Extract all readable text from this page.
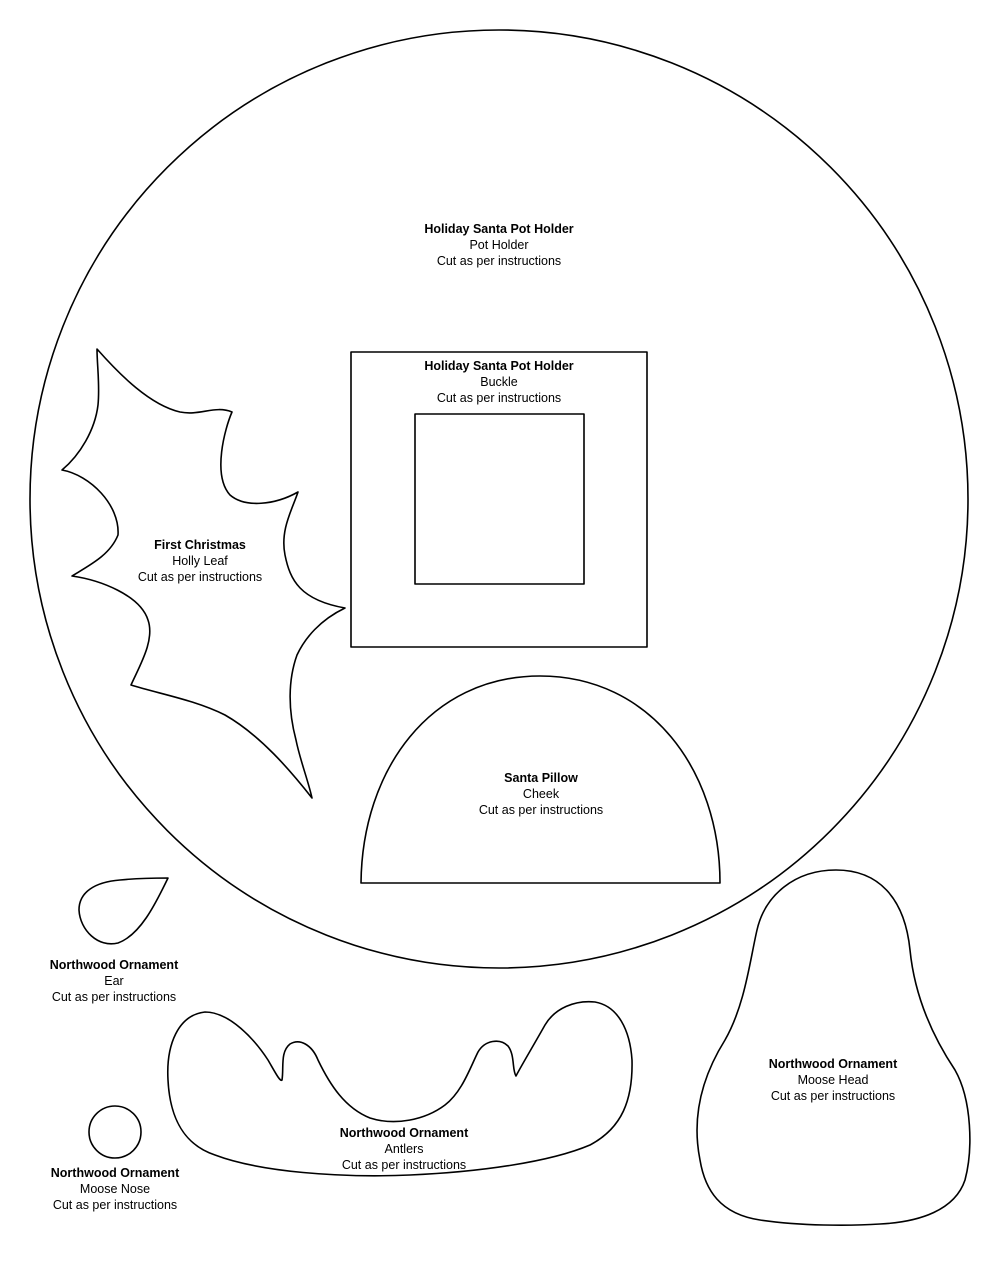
Holiday Santa Pot Holder
Pot Holder
Cut as per instructions
Holiday Santa Pot Holder
Buckle
Cut as per instructions
First Christmas
Holly Leaf
Cut as per instructions
Santa Pillow
Cheek
Cut as per instructions
Northwood Ornament
Ear
Cut as per instructions
Northwood Ornament
Moose Head
Cut as per instructions
Northwood Ornament
Antlers
Cut as per instructions
Northwood Ornament
Moose Nose
Cut as per instructions
